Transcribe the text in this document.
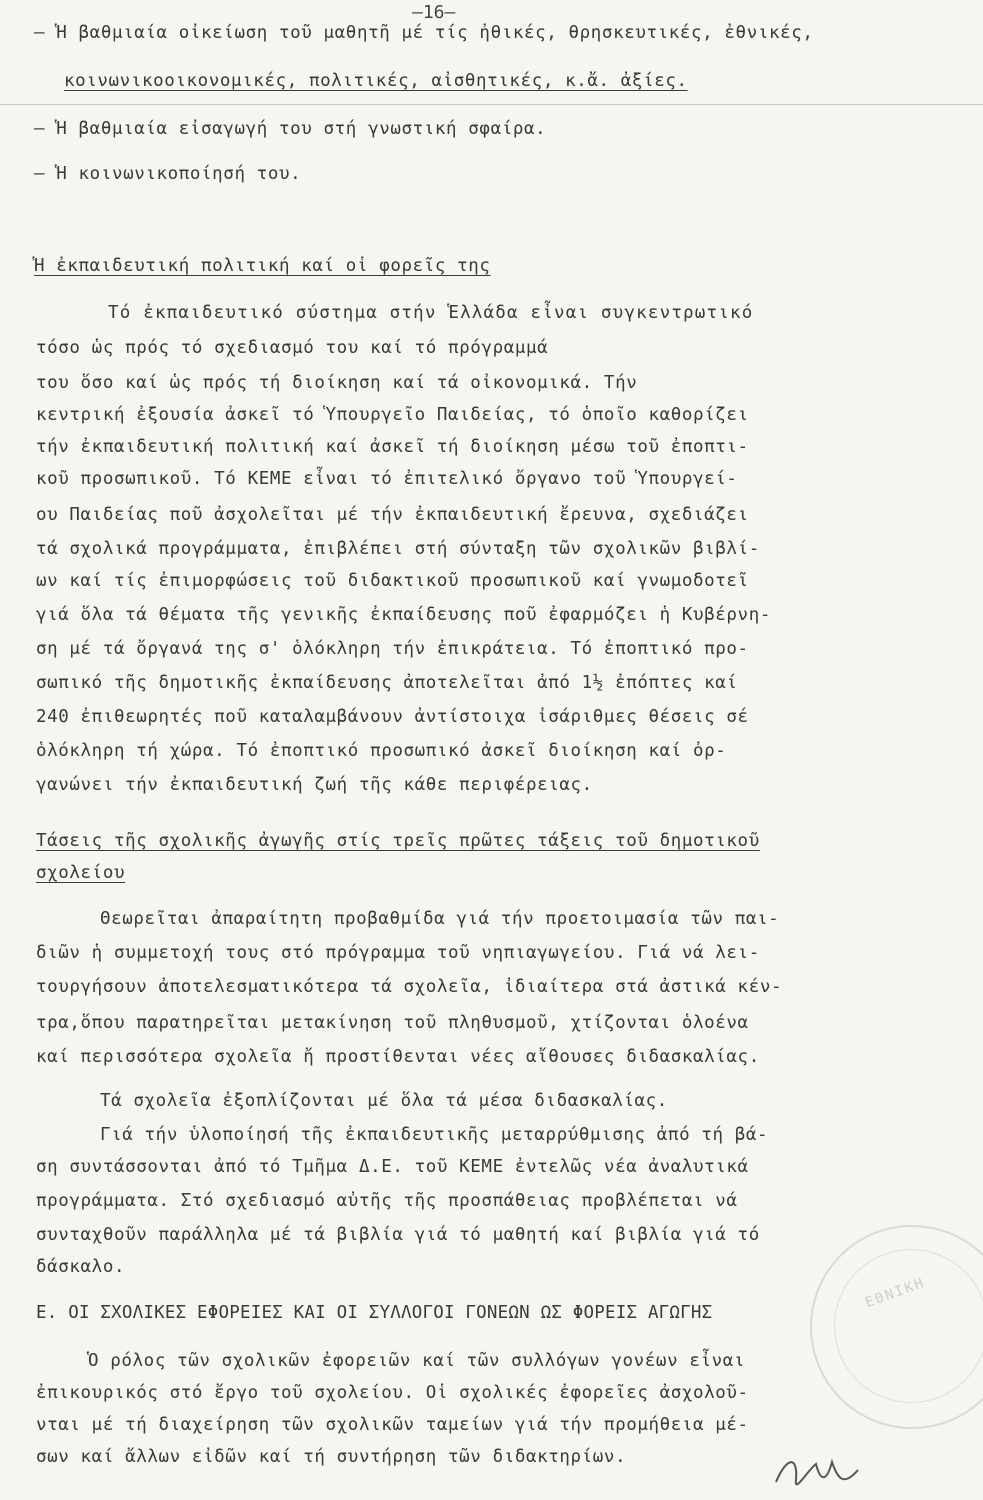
—16—
— Ἡ βαθμιαία οἰκείωση τοῦ μαθητῆ μέ τίς ἠθικές, θρησκευτικές, ἐθνικές,
κοινωνικοοικονομικές, πολιτικές, αἰσθητικές, κ.ἄ. ἀξίες.
— Ἡ βαθμιαία εἰσαγωγή του στή γνωστική σφαίρα.
— Ἡ κοινωνικοποίησή του.
Ἡ ἐκπαιδευτική πολιτική καί οἱ φορεῖς της
Τό ἐκπαιδευτικό σύστημα στήν Ἑλλάδα εἶναι συγκεντρωτικό
τόσο ὡς πρός τό σχεδιασμό του καί τό πρόγραμμά
του ὅσο καί ὡς πρός τή διοίκηση καί τά οἰκονομικά. Τήν
κεντρική ἐξουσία ἀσκεῖ τό Ὑπουργεῖο Παιδείας, τό ὁποῖο καθορίζει
τήν ἐκπαιδευτική πολιτική καί ἀσκεῖ τή διοίκηση μέσω τοῦ ἐποπτι-
κοῦ προσωπικοῦ. Τό ΚΕΜΕ εἶναι τό ἐπιτελικό ὄργανο τοῦ Ὑπουργεί-
ου Παιδείας ποῦ ἀσχολεῖται μέ τήν ἐκπαιδευτική ἔρευνα, σχεδιάζει
τά σχολικά προγράμματα, ἐπιβλέπει στή σύνταξη τῶν σχολικῶν βιβλί-
ων καί τίς ἐπιμορφώσεις τοῦ διδακτικοῦ προσωπικοῦ καί γνωμοδοτεῖ
γιά ὅλα τά θέματα τῆς γενικῆς ἐκπαίδευσης ποῦ ἐφαρμόζει ἡ Κυβέρνη-
ση μέ τά ὄργανά της σ' ὁλόκληρη τήν ἐπικράτεια. Τό ἐποπτικό προ-
σωπικό τῆς δημοτικῆς ἐκπαίδευσης ἀποτελεῖται ἀπό 1½ ἐπόπτες καί
240 ἐπιθεωρητές ποῦ καταλαμβάνουν ἀντίστοιχα ἰσάριθμες θέσεις σέ
ὁλόκληρη τή χώρα. Τό ἐποπτικό προσωπικό ἀσκεῖ διοίκηση καί ὀρ-
γανώνει τήν ἐκπαιδευτική ζωή τῆς κάθε περιφέρειας.
Τάσεις τῆς σχολικῆς ἀγωγῆς στίς τρεῖς πρῶτες τάξεις τοῦ δημοτικοῦ
σχολείου
Θεωρεῖται ἀπαραίτητη προβαθμίδα γιά τήν προετοιμασία τῶν παι-
διῶν ἡ συμμετοχή τους στό πρόγραμμα τοῦ νηπιαγωγείου. Γιά νά λει-
τουργήσουν ἀποτελεσματικότερα τά σχολεῖα, ἰδιαίτερα στά ἀστικά κέν-
τρα,ὅπου παρατηρεῖται μετακίνηση τοῦ πληθυσμοῦ, χτίζονται ὁλοένα
καί περισσότερα σχολεῖα ἤ προστίθενται νέες αἴθουσες διδασκαλίας.
Τά σχολεῖα ἐξοπλίζονται μέ ὅλα τά μέσα διδασκαλίας.
Γιά τήν ὑλοποίησή τῆς ἐκπαιδευτικῆς μεταρρύθμισης ἀπό τή βά-
ση συντάσσονται ἀπό τό Τμῆμα Δ.Ε. τοῦ ΚΕΜΕ ἐντελῶς νέα ἀναλυτικά
προγράμματα. Στό σχεδιασμό αὐτῆς τῆς προσπάθειας προβλέπεται νά
συνταχθοῦν παράλληλα μέ τά βιβλία γιά τό μαθητή καί βιβλία γιά τό
δάσκαλο.
Ε. ΟΙ ΣΧΟΛΙΚΕΣ ΕΦΟΡΕΙΕΣ ΚΑΙ ΟΙ ΣΥΛΛΟΓΟΙ ΓΟΝΕΩΝ ΩΣ ΦΟΡΕΙΣ ΑΓΩΓΗΣ
Ὁ ρόλος τῶν σχολικῶν ἐφορειῶν καί τῶν συλλόγων γονέων εἶναι
ἐπικουρικός στό ἔργο τοῦ σχολείου. Οἱ σχολικές ἐφορεῖες ἀσχολοῦ-
νται μέ τή διαχείρηση τῶν σχολικῶν ταμείων γιά τήν προμήθεια μέ-
σων καί ἄλλων εἰδῶν καί τή συντήρηση τῶν διδακτηρίων.
ΕΘΝΙΚΗ
